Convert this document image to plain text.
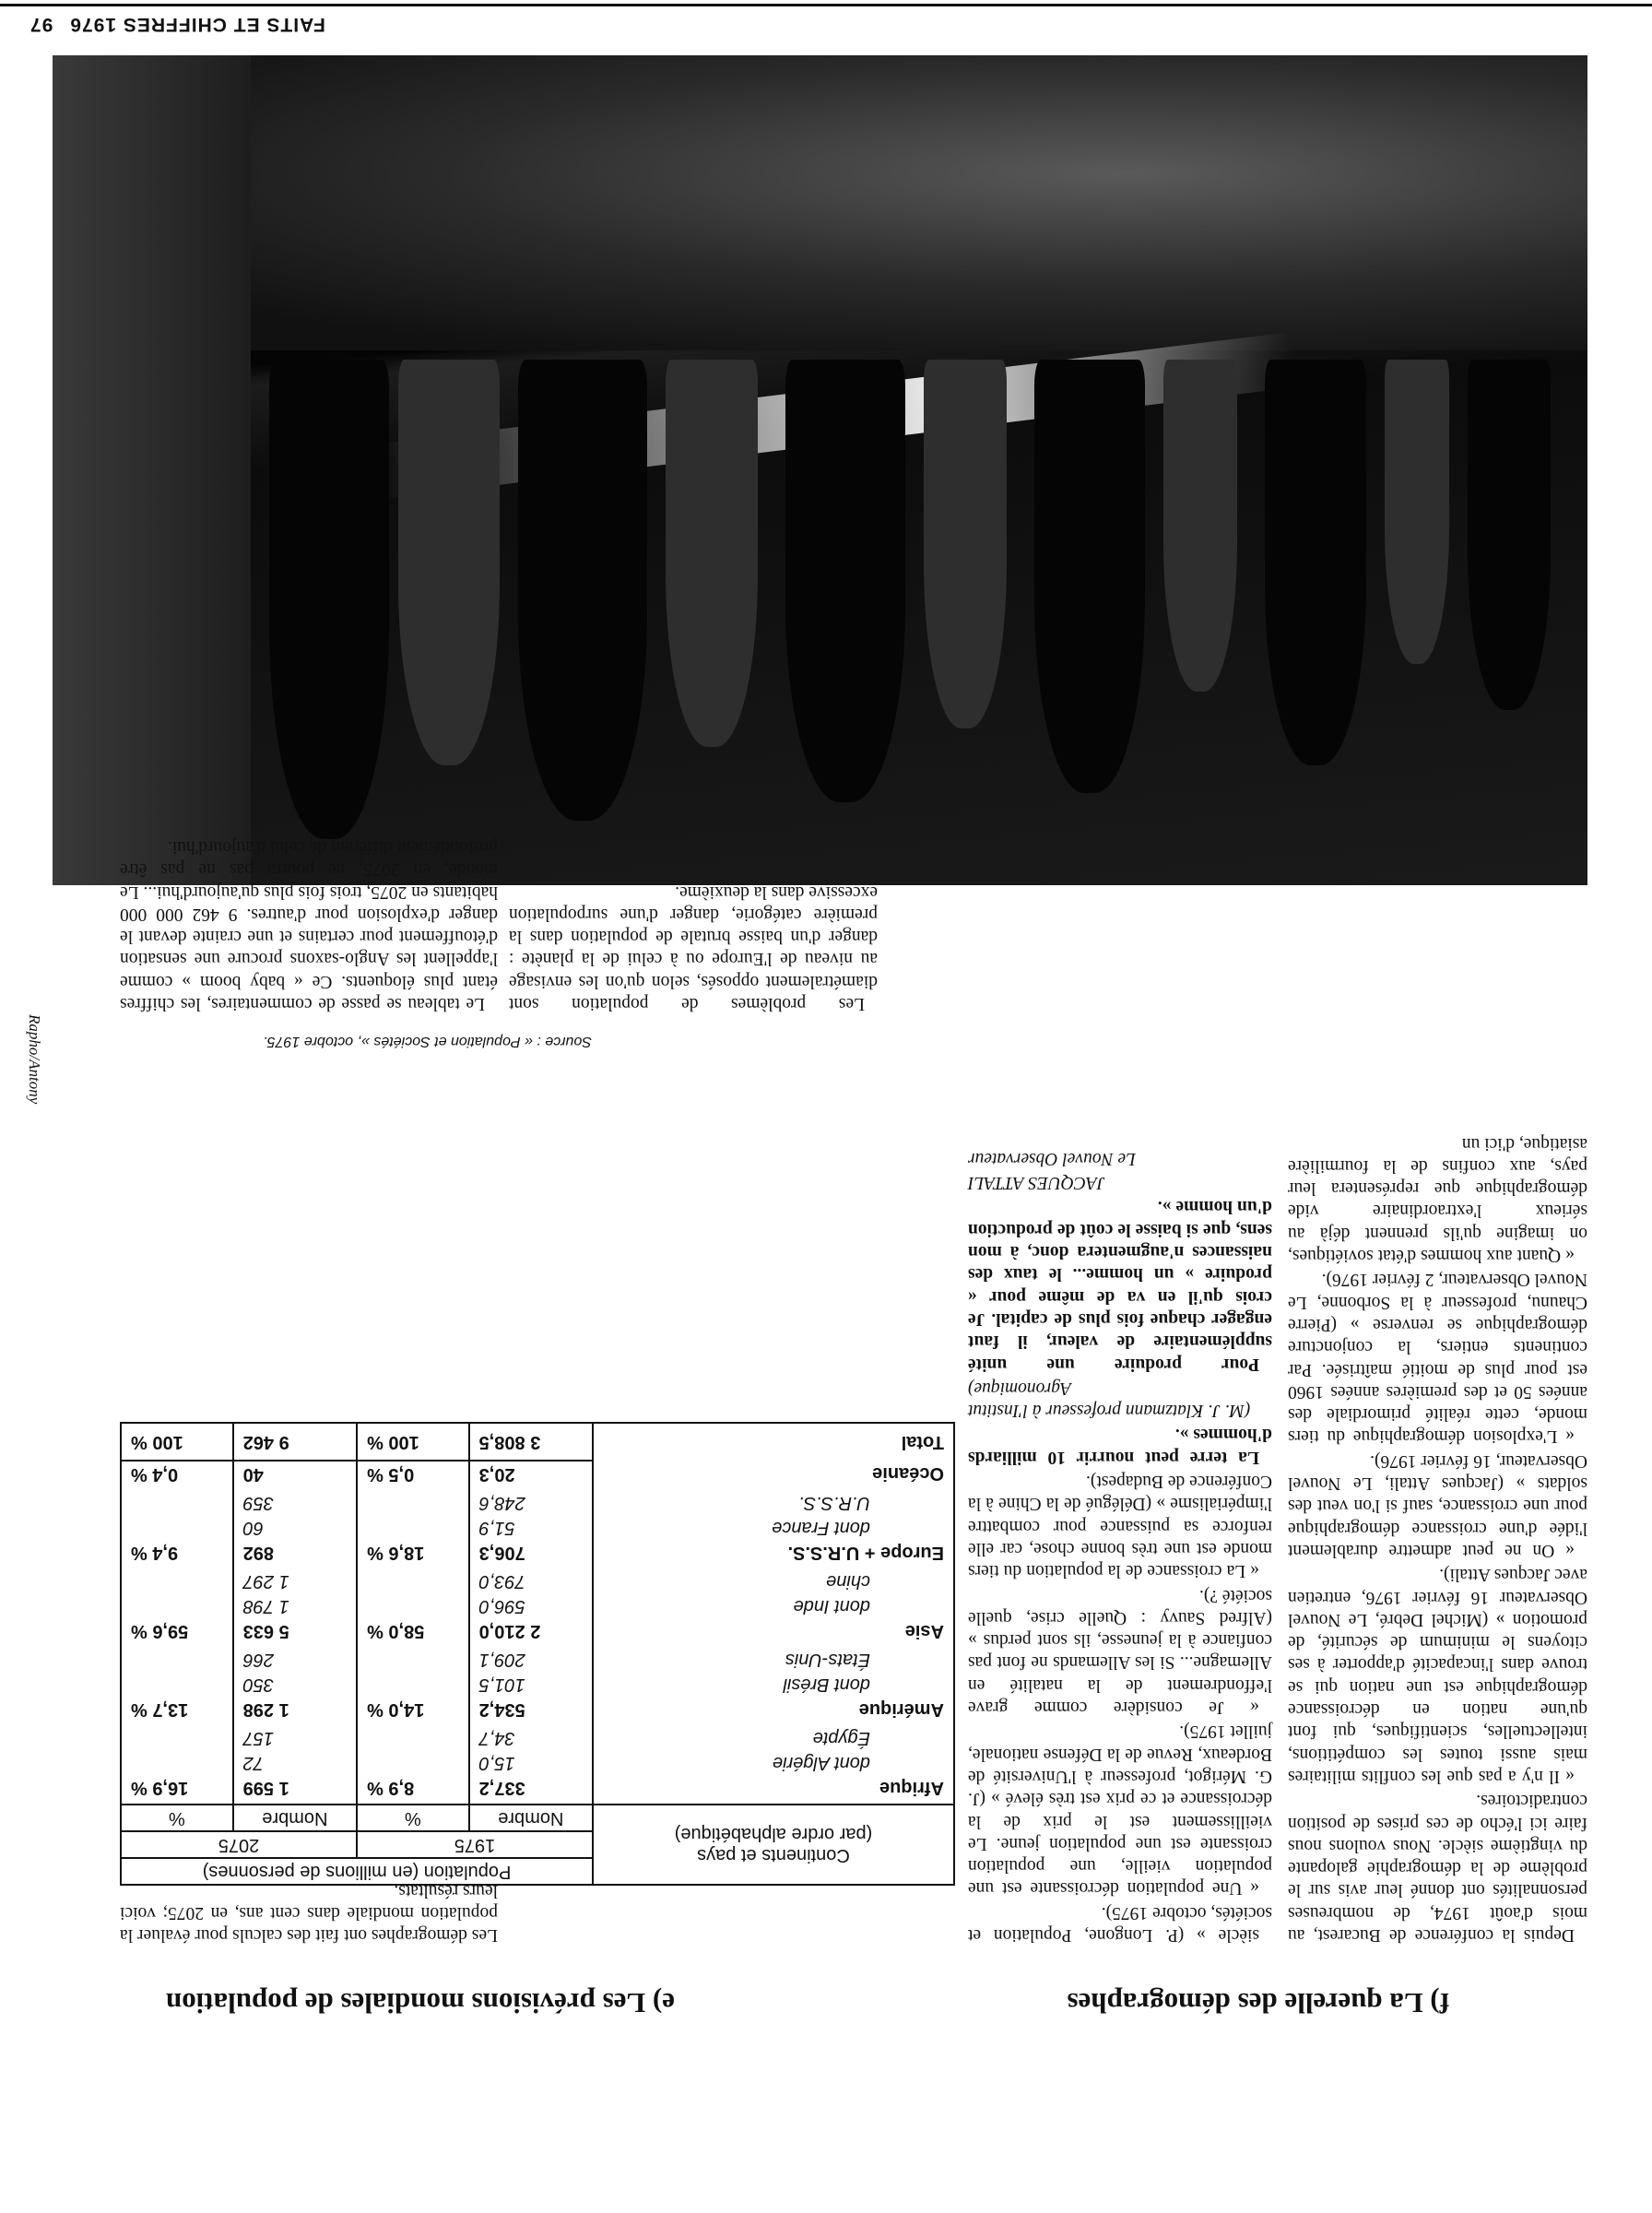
FAITS ET CHIFFRES 197697
Rapho/Antony
e) Les prévisions mondiales de population	f) La querelle des démographes

Depuis la conférence de Bucarest, au mois d'août 1974, de nombreuses personnalités ont donné leur avis sur le problème de la démographie galopante du vingtième siècle. Nous voulons nous faire ici l'écho de ces prises de position contradictoires.

« Il n'y a pas que les conflits militaires mais aussi toutes les compétitions, intellectuelles, scientifiques, qui font qu'une nation en décroissance démographique est une nation qui se trouve dans l'incapacité d'apporter à ses citoyens le minimum de sécurité, de promotion » (Michel Debré, Le Nouvel Observateur 16 février 1976, entretien avec Jacques Attali).

« On ne peut admettre durablement l'idée d'une croissance démographique pour une croissance, sauf si l'on veut des soldats » (Jacques Attali, Le Nouvel Observateur, 16 février 1976).

« L'explosion démographique du tiers monde, cette réalité primordiale des années 50 et des premières années 1960 est pour plus de moitié maîtrisée. Par continents entiers, la conjoncture démographique se renverse » (Pierre Chaunu, professeur à la Sorbonne, Le Nouvel Observateur, 2 février 1976).

« Quant aux hommes d'état soviétiques, on imagine qu'ils prennent déjà au sérieux l'extraordinaire vide démographique que représentera leur pays, aux confins de la fourmilière asiatique, d'ici un

siècle » (P. Longone, Population et sociétés, octobre 1975).

« Une population décroissante est une population vieille, une population croissante est une population jeune. Le vieillissement est le prix de la décroissance et ce prix est très élevé » (J. G. Mérigot, professeur à l'Université de Bordeaux, Revue de la Défense nationale, juillet 1975).

« Je considère comme grave l'effondrement de la natalité en Allemagne... Si les Allemands ne font pas confiance à la jeunesse, ils sont perdus » (Alfred Sauvy : Quelle crise, quelle société ?).

« La croissance de la population du tiers monde est une très bonne chose, car elle renforce sa puissance pour combattre l'impérialisme » (Délégué de la Chine à la Conférence de Budapest).

La terre peut nourrir 10 milliards d'hommes ».

(M. J. Klatzmann professeur à l'Institut Agronomique)

Pour produire une unité supplémentaire de valeur, il faut engager chaque fois plus de capital. Je crois qu'il en va de même pour « produire » un homme... le taux des naissances n'augmentera donc, à mon sens, que si baisse le coût de production d'un homme ».

JACQUES ATTALI

Le Nouvel Observateur

Les démographes ont fait des calculs pour évaluer la population mondiale dans cent ans, en 2075; voici leurs résultats.
Continents et pays
(par ordre alphabétique)	Population (en millions de personnes)			
	1975		2075	
	Nombre	%	Nombre	%
Afrique	337,2	8,9 %	1 599	16,9 %
dont Algérie	15,0		72	
Égypte	34,7		157	
Amérique	534,2	14,0 %	1 298	13,7 %
dont Brésil	101,5		350	
États-Unis	209,1		266	
Asie	2 210,0	58,0 %	5 633	59,6 %
dont Inde	596,0		1 798	
chine	793,0		1 297	
Europe + U.R.S.S.	706,3	18,6 %	892	9,4 %
dont France	51,9		60	
U.R.S.S.	248,6		359	
Océanie	20,3	0,5 %	40	0,4 %
Total	3 808,5	100 %	9 462	100 %
Source : « Population et Sociétés », octobre 1975.

Les problèmes de population sont diamétralement opposés, selon qu'on les envisage au niveau de l'Europe ou à celui de la planète : danger d'un baisse brutale de population dans la première catégorie, danger d'une surpopulation excessive dans la deuxième.

Le tableau se passe de commentaires, les chiffres étant plus éloquents. Ce « baby boom » comme l'appellent les Anglo-saxons procure une sensation d'étouffement pour certains et une crainte devant le danger d'explosion pour d'autres. 9 462 000 000 habitants en 2075, trois fois plus qu'aujourd'hui... Le monde, en 2075, ne pourra pas ne pas être profondément différent de celui d'aujourd'hui.
